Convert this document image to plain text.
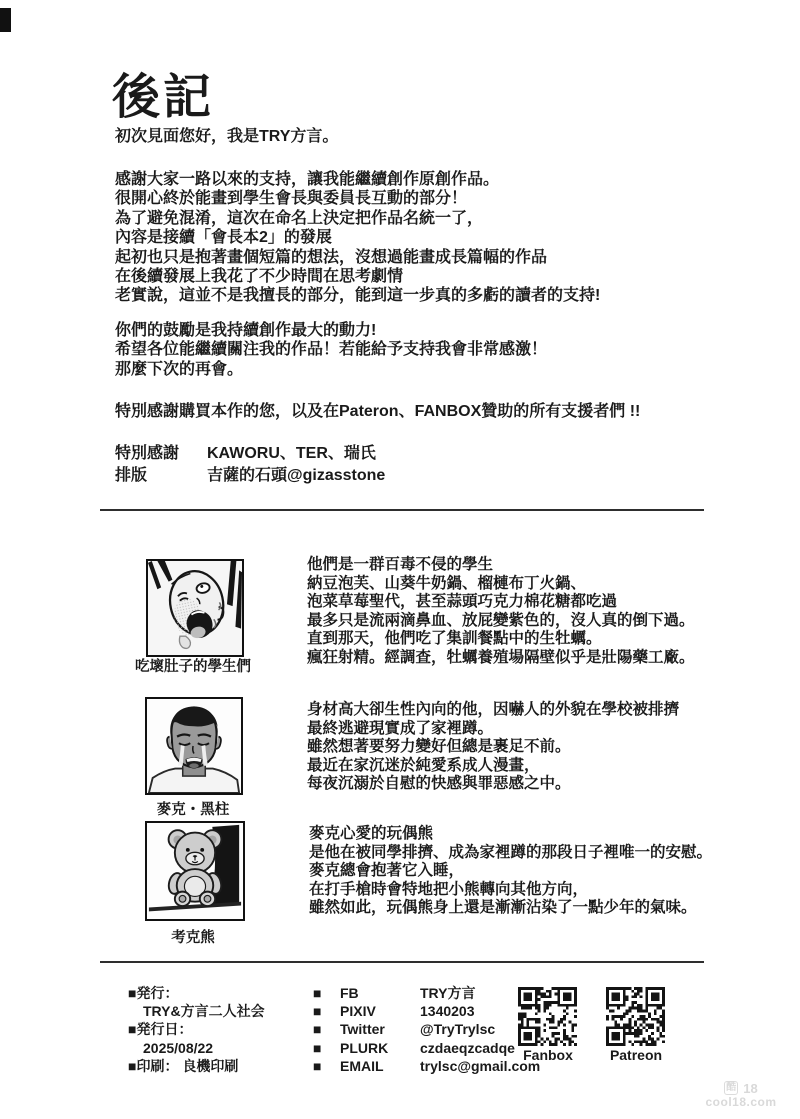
後記
初次見面您好，我是TRY方言。
感謝大家一路以來的支持，讓我能繼續創作原創作品。
很開心終於能畫到學生會長與委員長互動的部分！
為了避免混淆，這次在命名上決定把作品名統一了，
內容是接續「會長本2」的發展
起初也只是抱著畫個短篇的想法，沒想過能畫成長篇幅的作品
在後續發展上我花了不少時間在思考劇情
老實說，這並不是我擅長的部分，能到這一步真的多虧的讀者的支持!
你們的鼓勵是我持續創作最大的動力!
希望各位能繼續關注我的作品！若能給予支持我會非常感激！
那麼下次的再會。
特別感謝購買本作的您，以及在Pateron、FANBOX贊助的所有支援者們 !!
特別感謝	KAWORU、TER、瑞氏
排版	吉薩的石頭@gizasstone
吃壞肚子的學生們
他們是一群百毒不侵的學生
納豆泡芙、山葵牛奶鍋、榴槤布丁火鍋、
泡菜草莓聖代，甚至蒜頭巧克力棉花糖都吃過
最多只是流兩滴鼻血、放屁變紫色的，沒人真的倒下過。
直到那天，他們吃了集訓餐點中的生牡蠣。
瘋狂射精。經調查，牡蠣養殖場隔壁似乎是壯陽藥工廠。
麥克・黑柱
身材高大卻生性內向的他，因嚇人的外貌在學校被排擠
最終逃避現實成了家裡蹲。
雖然想著要努力變好但總是裹足不前。
最近在家沉迷於純愛系成人漫畫，
每夜沉溺於自慰的快感與罪惡感之中。
考克熊
麥克心愛的玩偶熊
是他在被同學排擠、成為家裡蹲的那段日子裡唯一的安慰。
麥克總會抱著它入睡，
在打手槍時會特地把小熊轉向其他方向，
雖然如此，玩偶熊身上還是漸漸沾染了一點少年的氣味。
■発行：
TRY&方言二人社会
■発行日：
2025/08/22
■印刷： 良機印刷
■	FB	TRY方言
■	PIXIV	1340203
■	Twitter	@TryTrylsc
■	PLURK	czdaeqzcadqe
■	EMAIL	trylsc@gmail.com
Fanbox	Patreon
酷 18
cool18.com
